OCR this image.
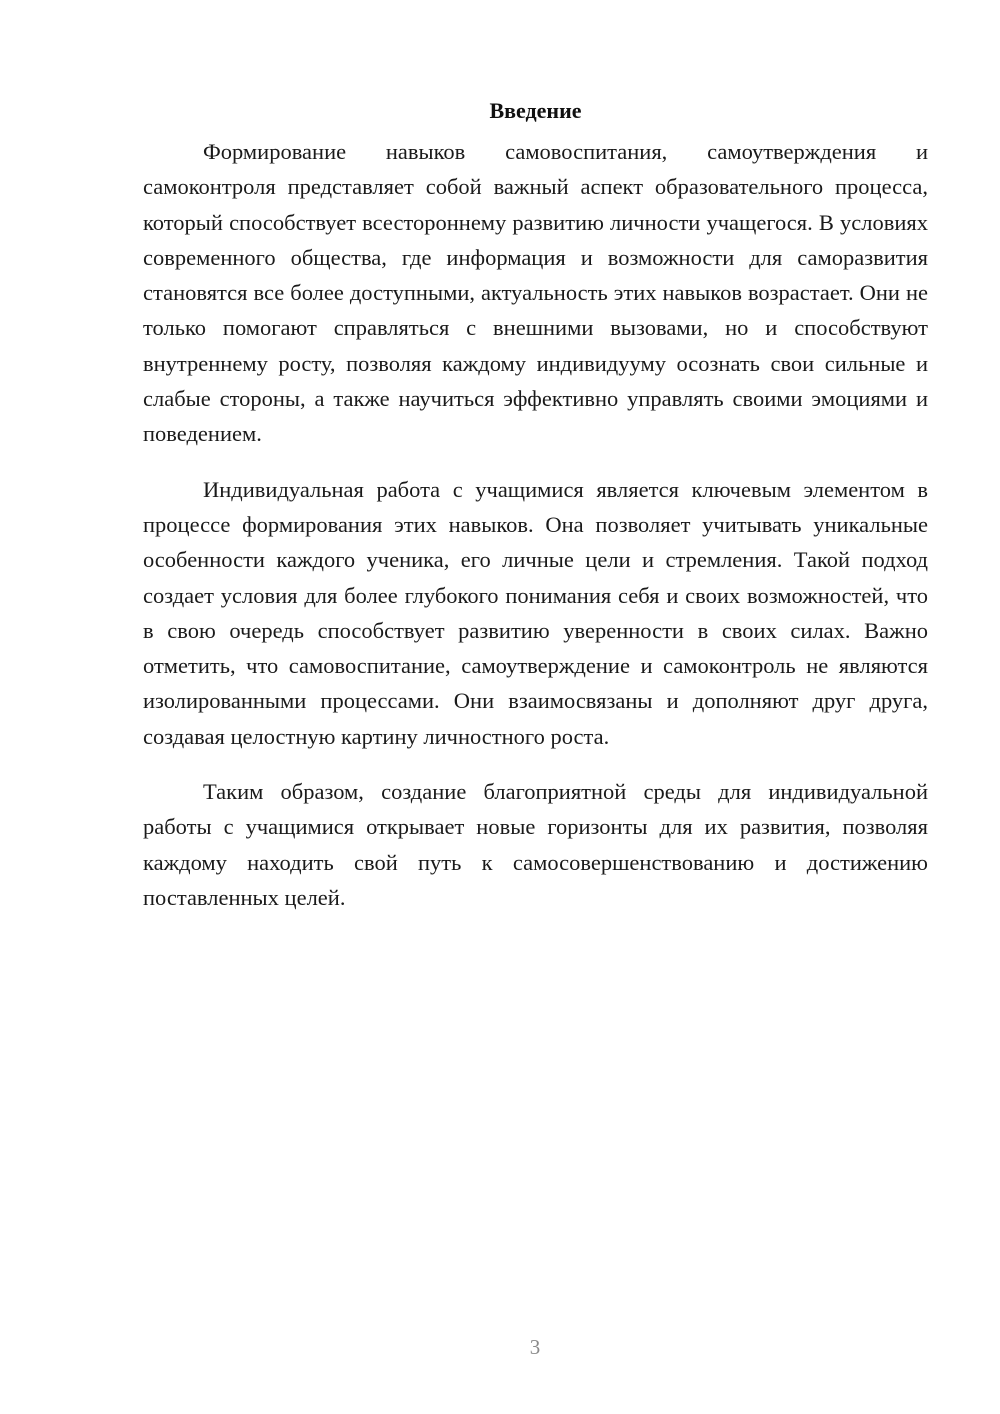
Введение

Формирование навыков самовоспитания, самоутверждения и самоконтроля представляет собой важный аспект образовательного процесса, который способствует всестороннему развитию личности учащегося. В условиях современного общества, где информация и возможности для саморазвития становятся все более доступными, актуальность этих навыков возрастает. Они не только помогают справляться с внешними вызовами, но и способствуют внутреннему росту, позволяя каждому индивидууму осознать свои сильные и слабые стороны, а также научиться эффективно управлять своими эмоциями и поведением.

Индивидуальная работа с учащимися является ключевым элементом в процессе формирования этих навыков. Она позволяет учитывать уникальные особенности каждого ученика, его личные цели и стремления. Такой подход создает условия для более глубокого понимания себя и своих возможностей, что в свою очередь способствует развитию уверенности в своих силах. Важно отметить, что самовоспитание, самоутверждение и самоконтроль не являются изолированными процессами. Они взаимосвязаны и дополняют друг друга, создавая целостную картину личностного роста.

Таким образом, создание благоприятной среды для индивидуальной работы с учащимися открывает новые горизонты для их развития, позволяя каждому находить свой путь к самосовершенствованию и достижению поставленных целей.

3
